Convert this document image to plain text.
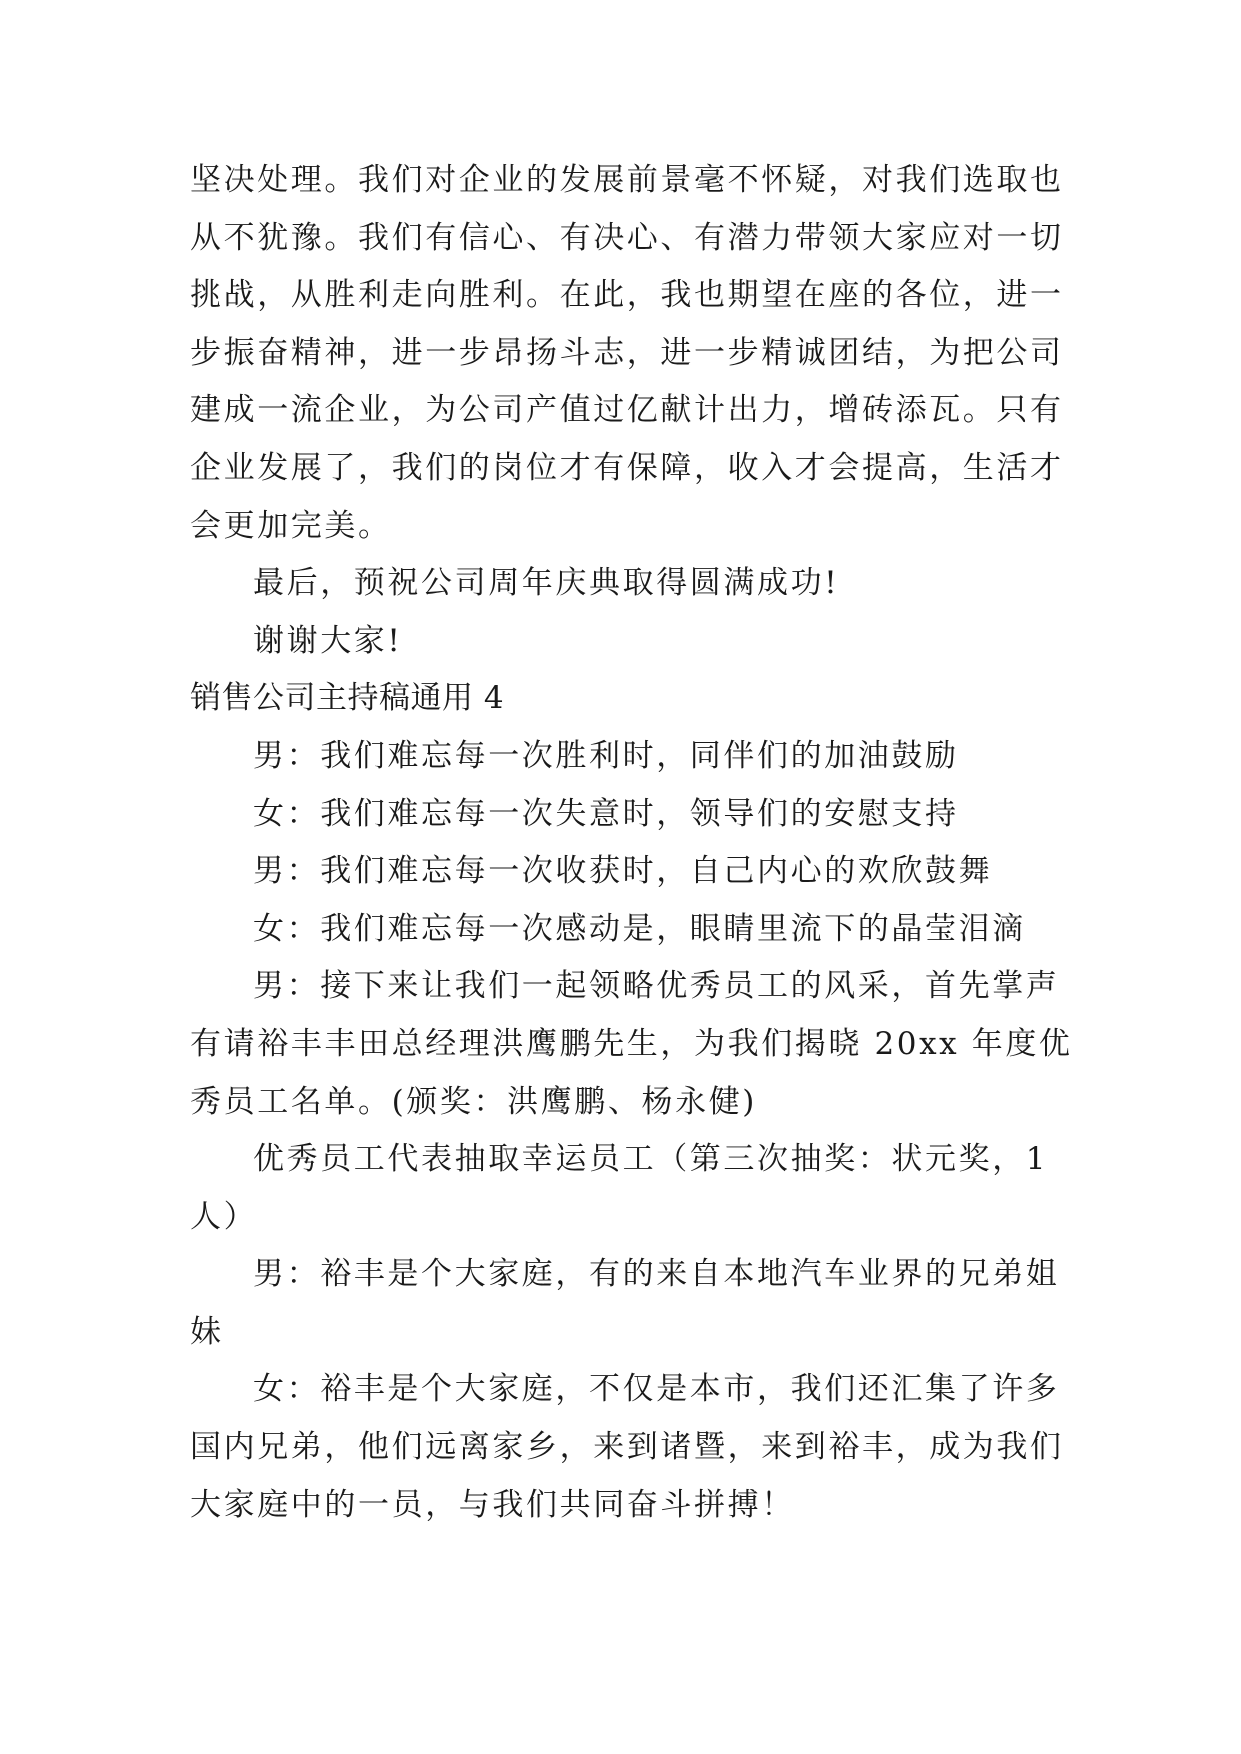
坚决处理。我们对企业的发展前景毫不怀疑，对我们选取也
从不犹豫。我们有信心、有决心、有潜力带领大家应对一切
挑战，从胜利走向胜利。在此，我也期望在座的各位，进一
步振奋精神，进一步昂扬斗志，进一步精诚团结，为把公司
建成一流企业，为公司产值过亿献计出力，增砖添瓦。只有
企业发展了，我们的岗位才有保障，收入才会提高，生活才
会更加完美。
最后，预祝公司周年庆典取得圆满成功!
谢谢大家!
销售公司主持稿通用 4
男：我们难忘每一次胜利时，同伴们的加油鼓励
女：我们难忘每一次失意时，领导们的安慰支持
男：我们难忘每一次收获时，自己内心的欢欣鼓舞
女：我们难忘每一次感动是，眼睛里流下的晶莹泪滴
男：接下来让我们一起领略优秀员工的风采，首先掌声
有请裕丰丰田总经理洪鹰鹏先生，为我们揭晓 20xx 年度优
秀员工名单。(颁奖：洪鹰鹏、杨永健)
优秀员工代表抽取幸运员工（第三次抽奖：状元奖，1
人）
男：裕丰是个大家庭，有的来自本地汽车业界的兄弟姐
妹
女：裕丰是个大家庭，不仅是本市，我们还汇集了许多
国内兄弟，他们远离家乡，来到诸暨，来到裕丰，成为我们
大家庭中的一员，与我们共同奋斗拼搏！
